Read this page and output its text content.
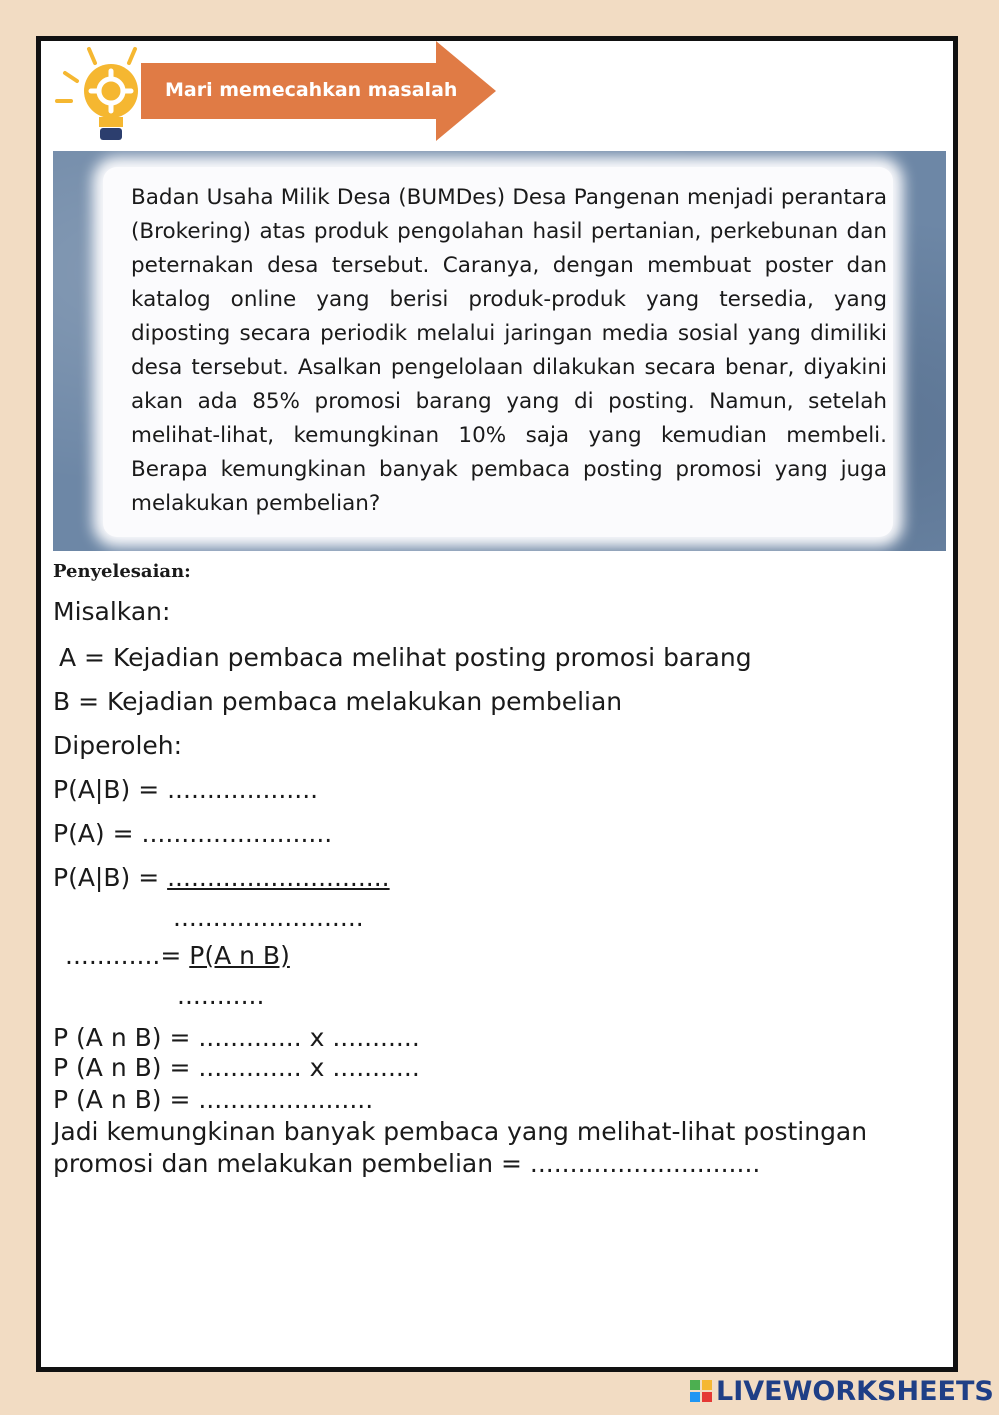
Mari memecahkan masalah

Badan Usaha Milik Desa (BUMDes) Desa Pangenan menjadi perantara (Brokering) atas produk pengolahan hasil pertanian, perkebunan dan peternakan desa tersebut. Caranya, dengan membuat poster dan katalog online yang berisi produk-produk yang tersedia, yang diposting secara periodik melalui jaringan media sosial yang dimiliki desa tersebut. Asalkan pengelolaan dilakukan secara benar, diyakini akan ada 85% promosi barang yang di posting. Namun, setelah melihat-lihat, kemungkinan 10% saja yang kemudian membeli. Berapa kemungkinan banyak pembaca posting promosi yang juga melakukan pembelian?

Penyelesaian:
Misalkan:
A = Kejadian pembaca melihat posting promosi barang
B = Kejadian pembaca melakukan pembelian
Diperoleh:
P(A|B) = ...................
P(A) = ........................
P(A|B) = ............................
........................
............= P(A n B)
...........
P (A n B) = ............. x ...........
P (A n B) = ............. x ...........
P (A n B) = ......................
Jadi kemungkinan banyak pembaca yang melihat-lihat postingan
promosi dan melakukan pembelian = .............................
LIVEWORKSHEETS
